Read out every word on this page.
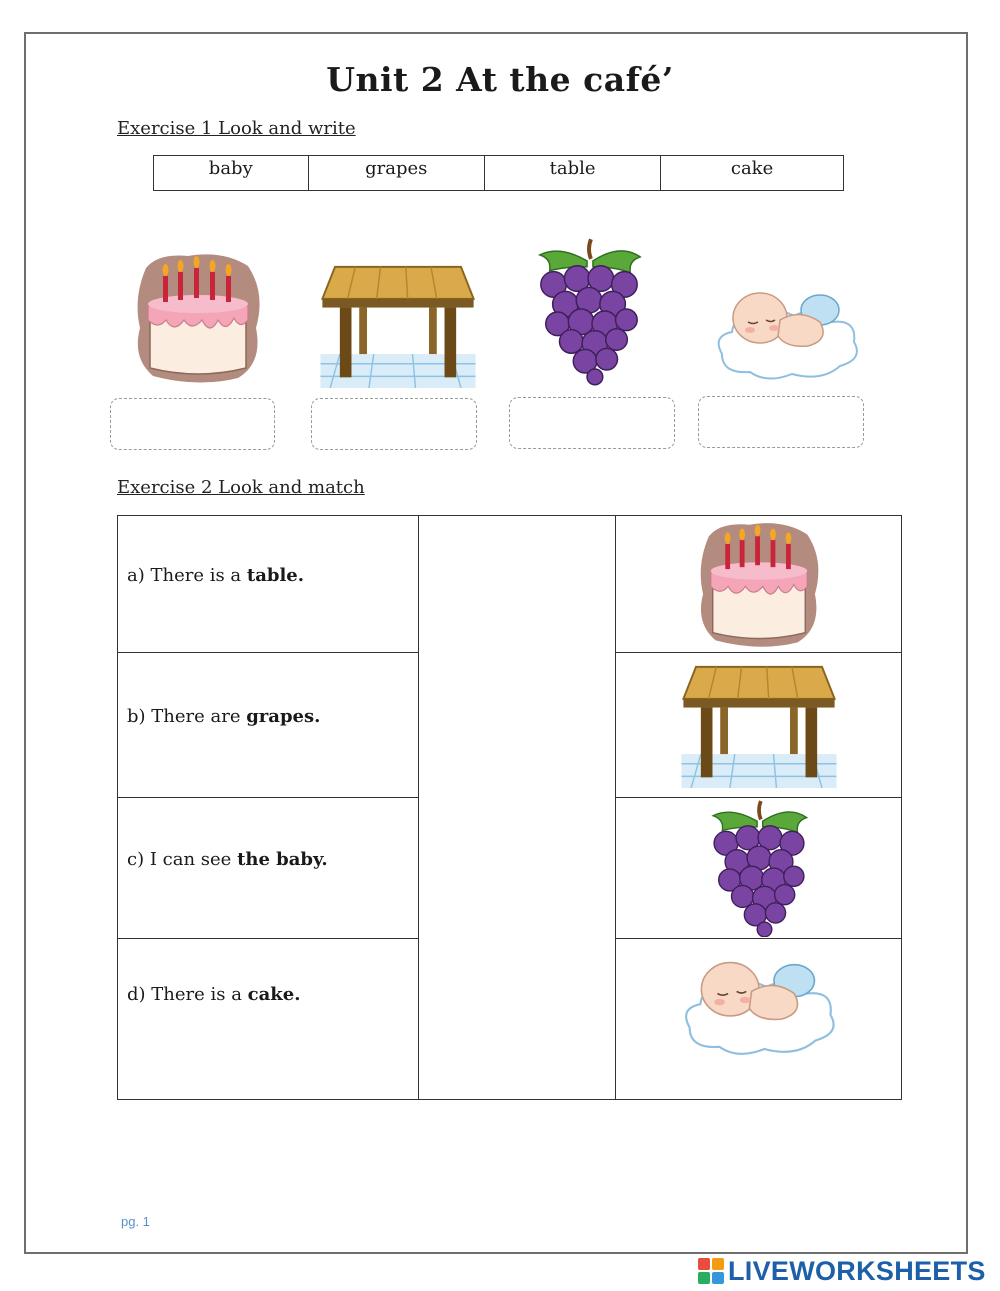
Unit 2 At the café’
Exercise 1 Look and write
baby	grapes	table	cake
Exercise 2 Look and match
a) There is a table.

b) There are grapes.

c) I can see the baby.

d) There is a cake.

pg. 1
LIVEWORKSHEETS
